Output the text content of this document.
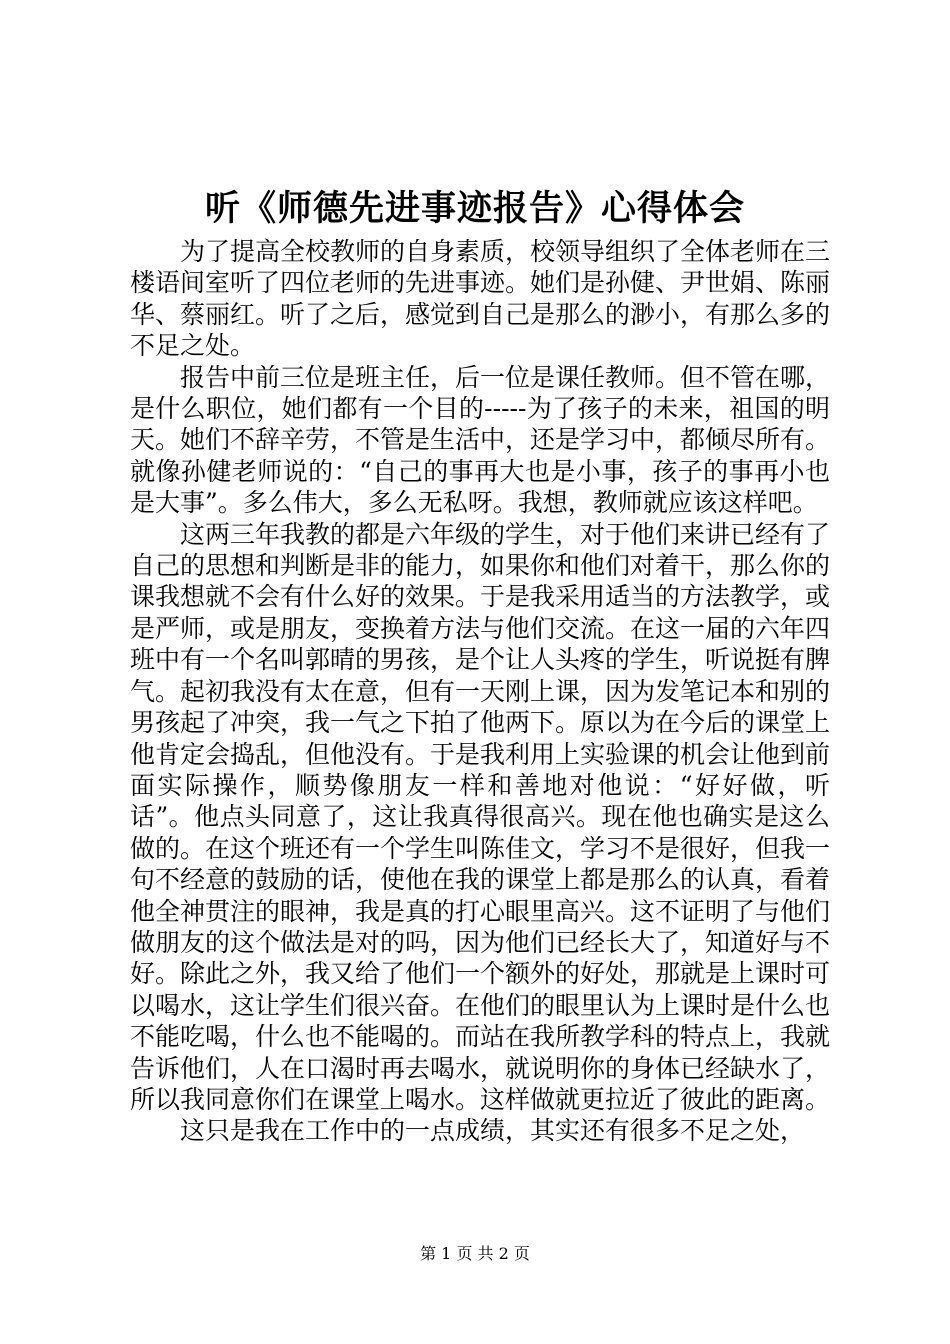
听《师德先进事迹报告》心得体会

为了提高全校教师的自身素质，校领导组织了全体老师在三楼语间室听了四位老师的先进事迹。她们是孙健、尹世娟、陈丽华、蔡丽红。听了之后，感觉到自己是那么的渺小，有那么多的不足之处。

报告中前三位是班主任，后一位是课任教师。但不管在哪，是什么职位，她们都有一个目的-----为了孩子的未来，祖国的明天。她们不辞辛劳，不管是生活中，还是学习中，都倾尽所有。就像孙健老师说的：“自己的事再大也是小事，孩子的事再小也是大事”。多么伟大，多么无私呀。我想，教师就应该这样吧。

这两三年我教的都是六年级的学生，对于他们来讲已经有了自己的思想和判断是非的能力，如果你和他们对着干，那么你的课我想就不会有什么好的效果。于是我采用适当的方法教学，或是严师，或是朋友，变换着方法与他们交流。在这一届的六年四班中有一个名叫郭晴的男孩，是个让人头疼的学生，听说挺有脾气。起初我没有太在意，但有一天刚上课，因为发笔记本和别的男孩起了冲突，我一气之下拍了他两下。原以为在今后的课堂上他肯定会捣乱，但他没有。于是我利用上实验课的机会让他到前面实际操作，顺势像朋友一样和善地对他说：“好好做，听话”。他点头同意了，这让我真得很高兴。现在他也确实是这么做的。在这个班还有一个学生叫陈佳文，学习不是很好，但我一句不经意的鼓励的话，使他在我的课堂上都是那么的认真，看着他全神贯注的眼神，我是真的打心眼里高兴。这不证明了与他们做朋友的这个做法是对的吗，因为他们已经长大了，知道好与不好。除此之外，我又给了他们一个额外的好处，那就是上课时可以喝水，这让学生们很兴奋。在他们的眼里认为上课时是什么也不能吃喝，什么也不能喝的。而站在我所教学科的特点上，我就告诉他们，人在口渴时再去喝水，就说明你的身体已经缺水了，所以我同意你们在课堂上喝水。这样做就更拉近了彼此的距离。

这只是我在工作中的一点成绩，其实还有很多不足之处，

第 1 页 共 2 页
